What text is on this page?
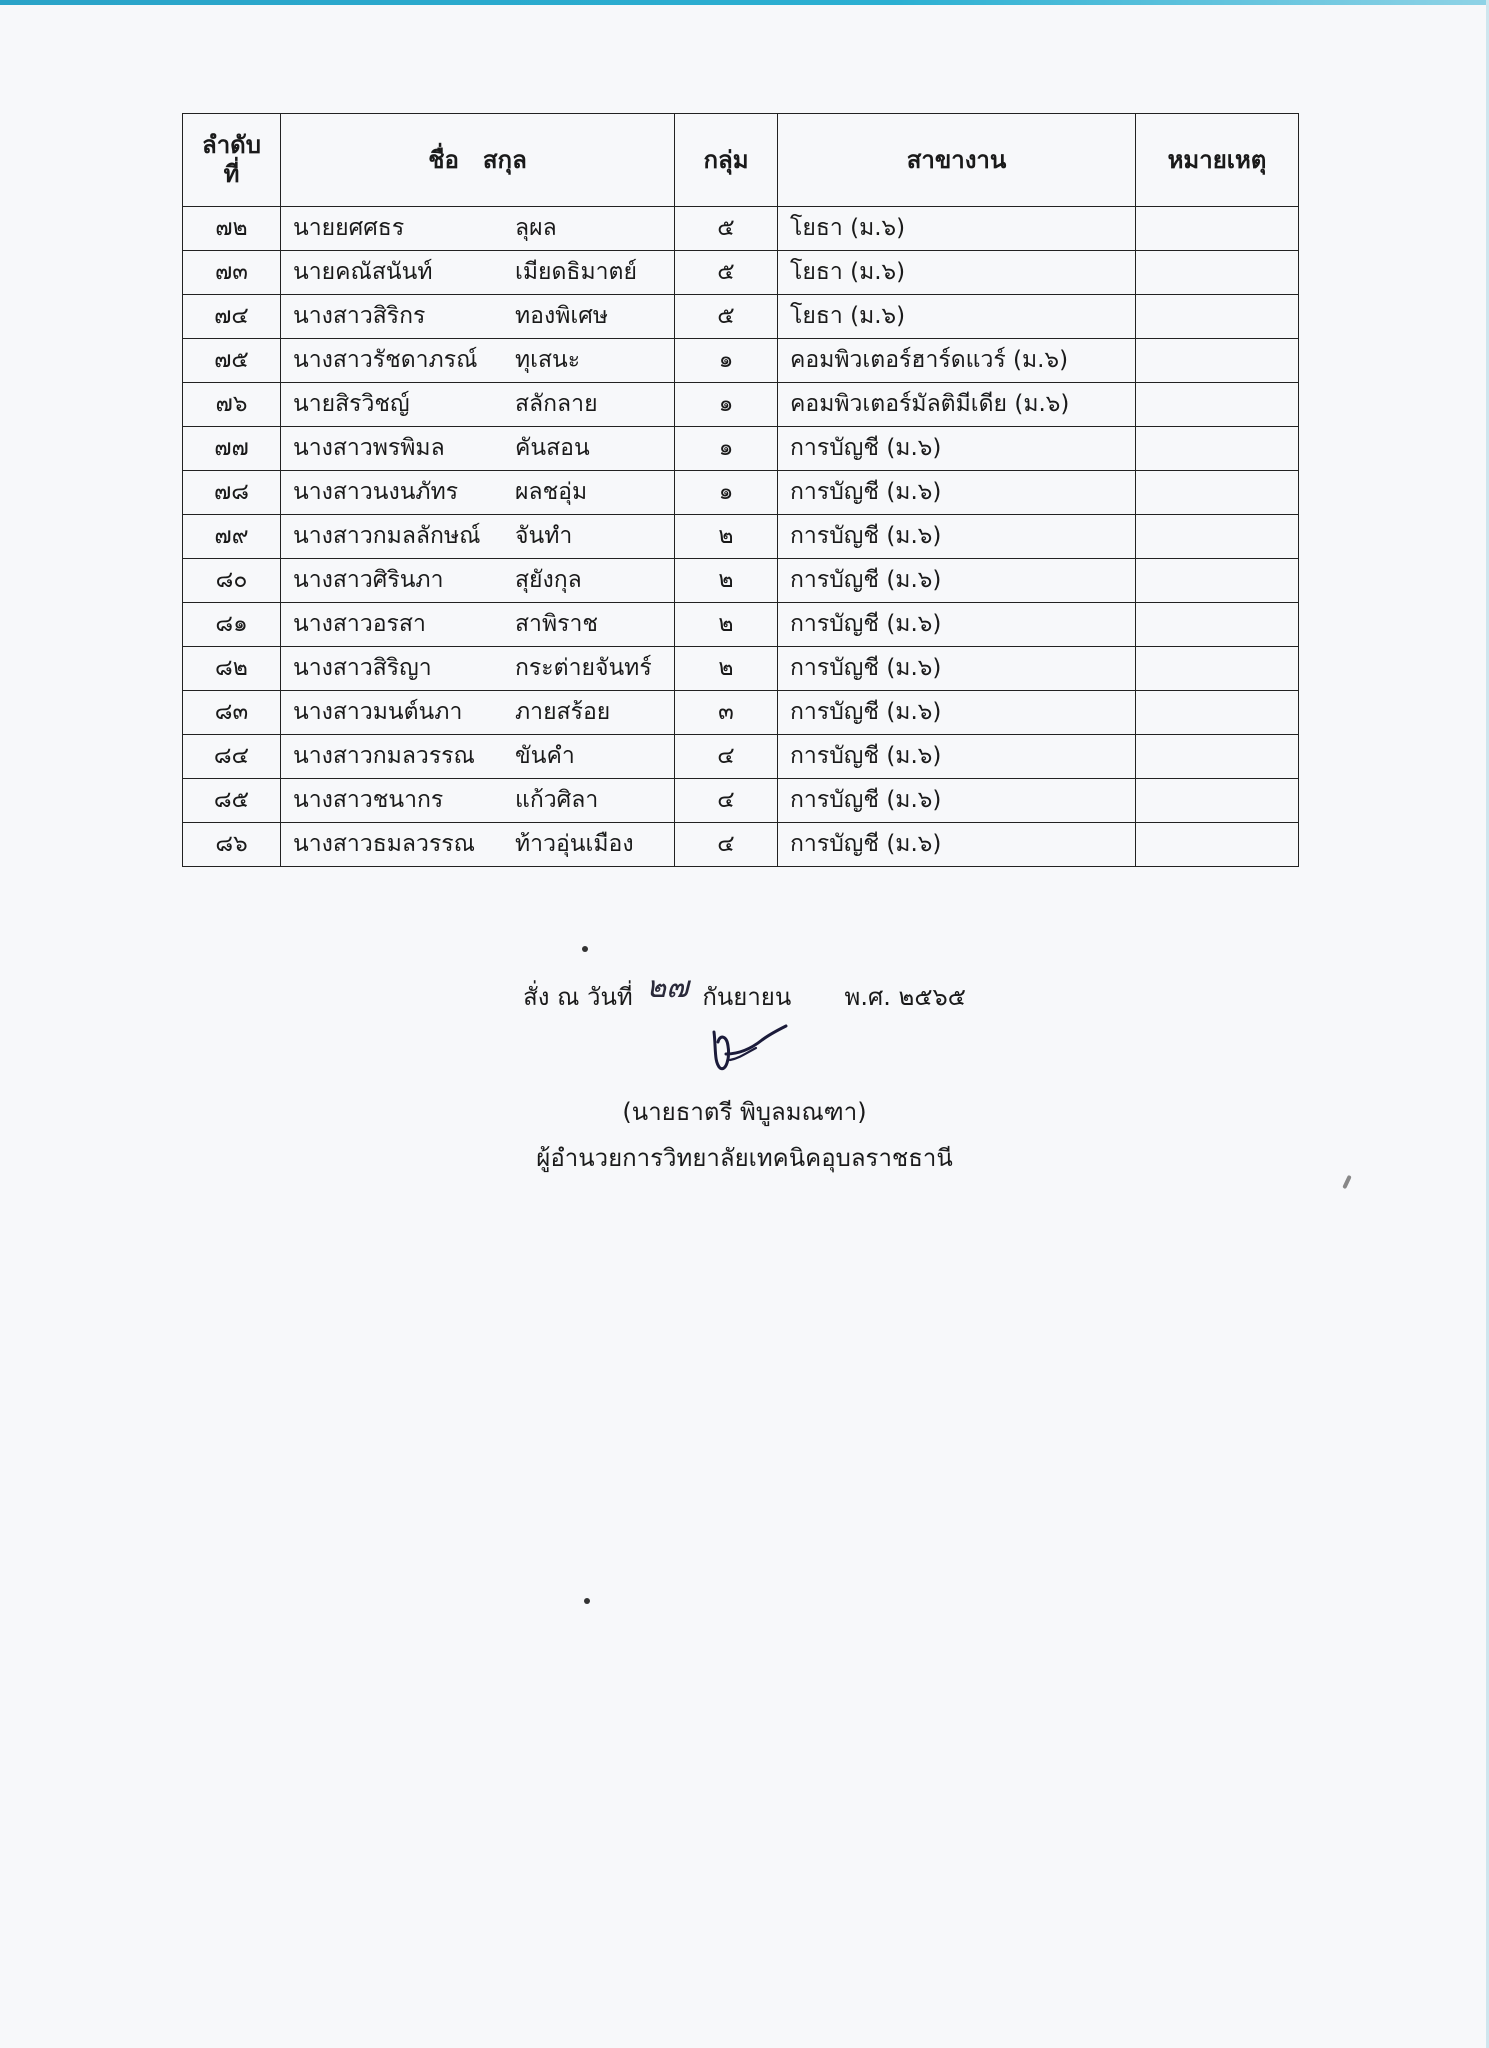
ลำดับ
ที่	ชื่อ สกุล	กลุ่ม	สาขางาน	หมายเหตุ
๗๒	นายยศศธร ลุผล	๕	โยธา (ม.๖)	
๗๓	นายคณัสนันท์ เมียดธิมาตย์	๕	โยธา (ม.๖)	
๗๔	นางสาวสิริกร ทองพิเศษ	๕	โยธา (ม.๖)	
๗๕	นางสาวรัชดาภรณ์ ทุเสนะ	๑	คอมพิวเตอร์ฮาร์ดแวร์ (ม.๖)	
๗๖	นายสิรวิชญ์ สลักลาย	๑	คอมพิวเตอร์มัลติมีเดีย (ม.๖)	
๗๗	นางสาวพรพิมล คันสอน	๑	การบัญชี (ม.๖)	
๗๘	นางสาวนงนภัทร ผลชอุ่ม	๑	การบัญชี (ม.๖)	
๗๙	นางสาวกมลลักษณ์ จันทำ	๒	การบัญชี (ม.๖)	
๘๐	นางสาวศิรินภา สุยังกุล	๒	การบัญชี (ม.๖)	
๘๑	นางสาวอรสา สาพิราช	๒	การบัญชี (ม.๖)	
๘๒	นางสาวสิริญา กระต่ายจันทร์	๒	การบัญชี (ม.๖)	
๘๓	นางสาวมนต์นภา ภายสร้อย	๓	การบัญชี (ม.๖)	
๘๔	นางสาวกมลวรรณ ขันคำ	๔	การบัญชี (ม.๖)	
๘๕	นางสาวชนากร แก้วศิลา	๔	การบัญชี (ม.๖)	
๘๖	นางสาวธมลวรรณ ท้าวอุ่นเมือง	๔	การบัญชี (ม.๖)	
สั่ง ณ วันที่ ๒๗ กันยายน พ.ศ. ๒๕๖๕
(นายธาตรี พิบูลมณฑา)
ผู้อำนวยการวิทยาลัยเทคนิคอุบลราชธานี
